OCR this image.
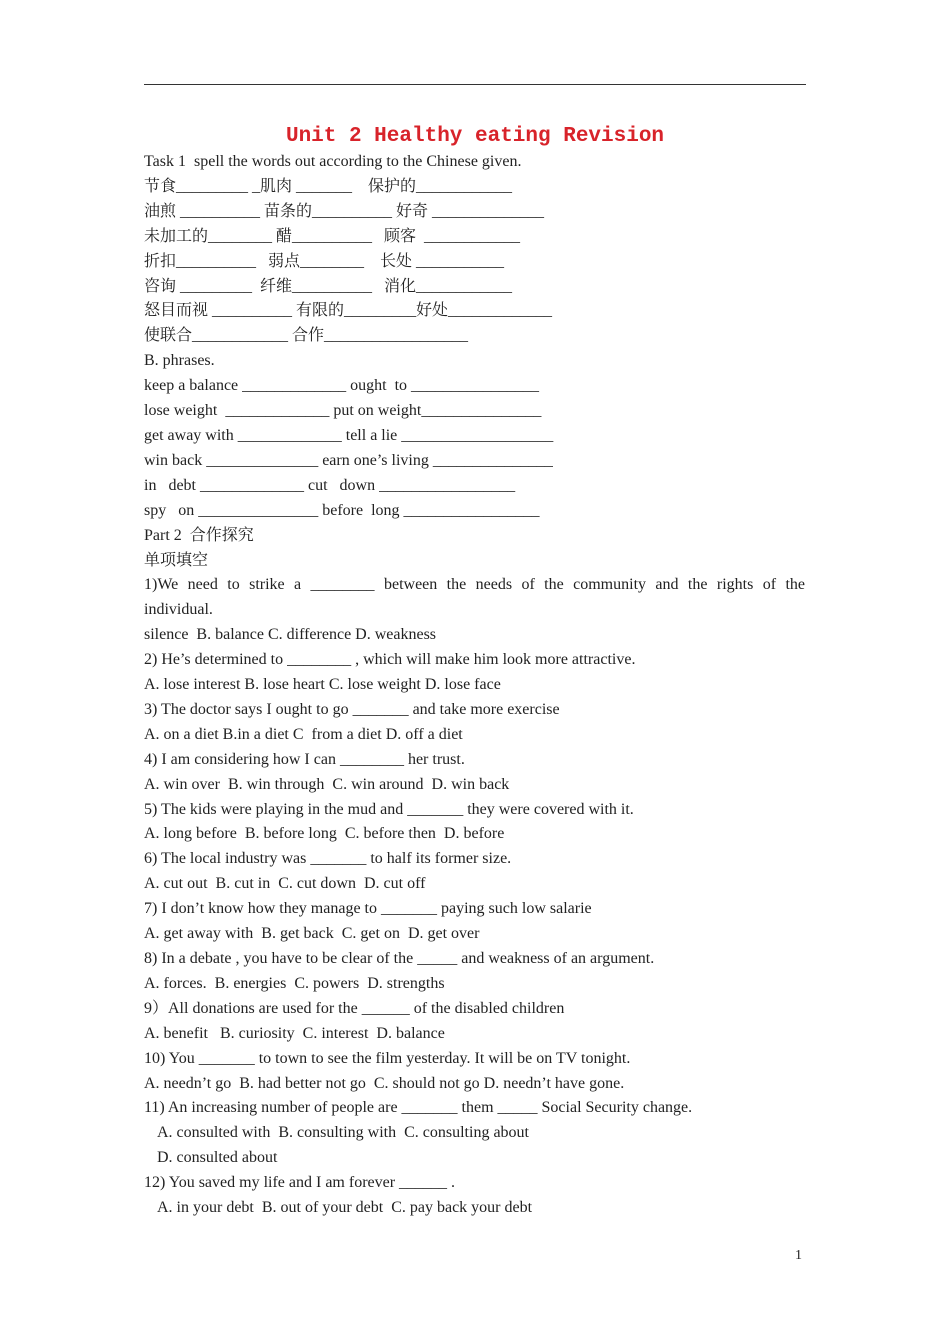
Unit 2 Healthy eating Revision
Task 1  spell the words out according to the Chinese given.
节食_________ _肌肉 _______    保护的____________
油煎 __________ 苗条的__________ 好奇 ______________
未加工的________ 醋__________   顾客  ____________
折扣__________   弱点________    长处 ___________
咨询 _________  纤维__________   消化____________
怒目而视 __________ 有限的_________好处_____________
使联合____________ 合作__________________
B. phrases.
keep a balance _____________ ought  to ________________
lose weight  _____________ put on weight_______________
get away with _____________ tell a lie ___________________
win back ______________ earn one’s living _______________
in   debt _____________ cut   down _________________
spy   on _______________ before  long _________________
Part 2  合作探究
单项填空
1)We need to strike a ________ between the needs of the community and the rights of the
individual.
silence  B. balance C. difference D. weakness
2) He’s determined to ________ , which will make him look more attractive.
A. lose interest B. lose heart C. lose weight D. lose face
3) The doctor says I ought to go _______ and take more exercise
A. on a diet B.in a diet C  from a diet D. off a diet
4) I am considering how I can ________ her trust.
A. win over  B. win through  C. win around  D. win back
5) The kids were playing in the mud and _______ they were covered with it.
A. long before  B. before long  C. before then  D. before
6) The local industry was _______ to half its former size.
A. cut out  B. cut in  C. cut down  D. cut off
7) I don’t know how they manage to _______ paying such low salarie
A. get away with  B. get back  C. get on  D. get over
8) In a debate , you have to be clear of the _____ and weakness of an argument.
A. forces.  B. energies  C. powers  D. strengths
9）All donations are used for the ______ of the disabled children
A. benefit   B. curiosity  C. interest  D. balance
10) You _______ to town to see the film yesterday. It will be on TV tonight.
A. needn’t go  B. had better not go  C. should not go D. needn’t have gone.
11) An increasing number of people are _______ them _____ Social Security change.
A. consulted with  B. consulting with  C. consulting about
D. consulted about
12) You saved my life and I am forever ______ .
A. in your debt  B. out of your debt  C. pay back your debt
1
